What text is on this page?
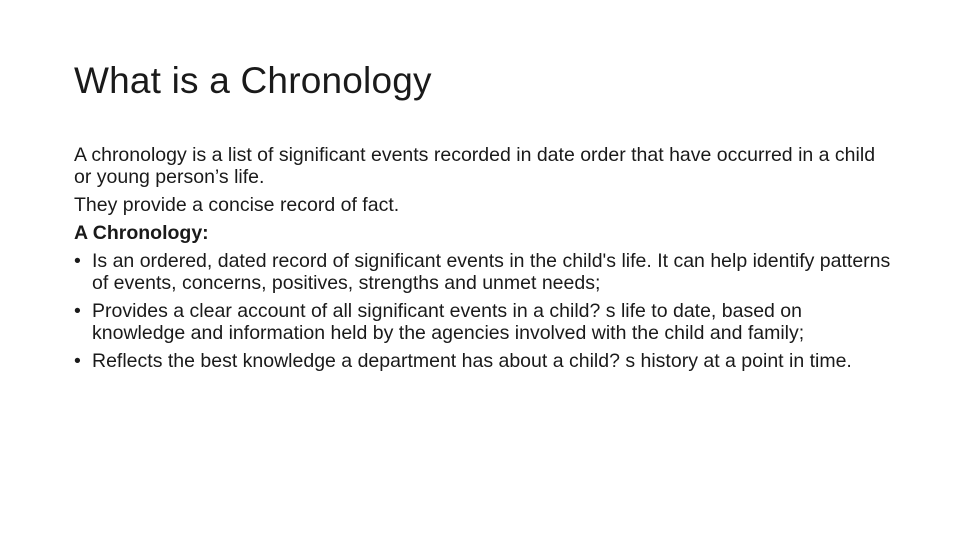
What is a Chronology

A chronology is a list of significant events recorded in date order that have occurred in a child or young person’s life.

They provide a concise record of fact.

A Chronology:

• Is an ordered, dated record of significant events in the child's life. It can help identify patterns of events, concerns, positives, strengths and unmet needs;
• Provides a clear account of all significant events in a child? s life to date, based on knowledge and information held by the agencies involved with the child and family;
• Reflects the best knowledge a department has about a child? s history at a point in time.
